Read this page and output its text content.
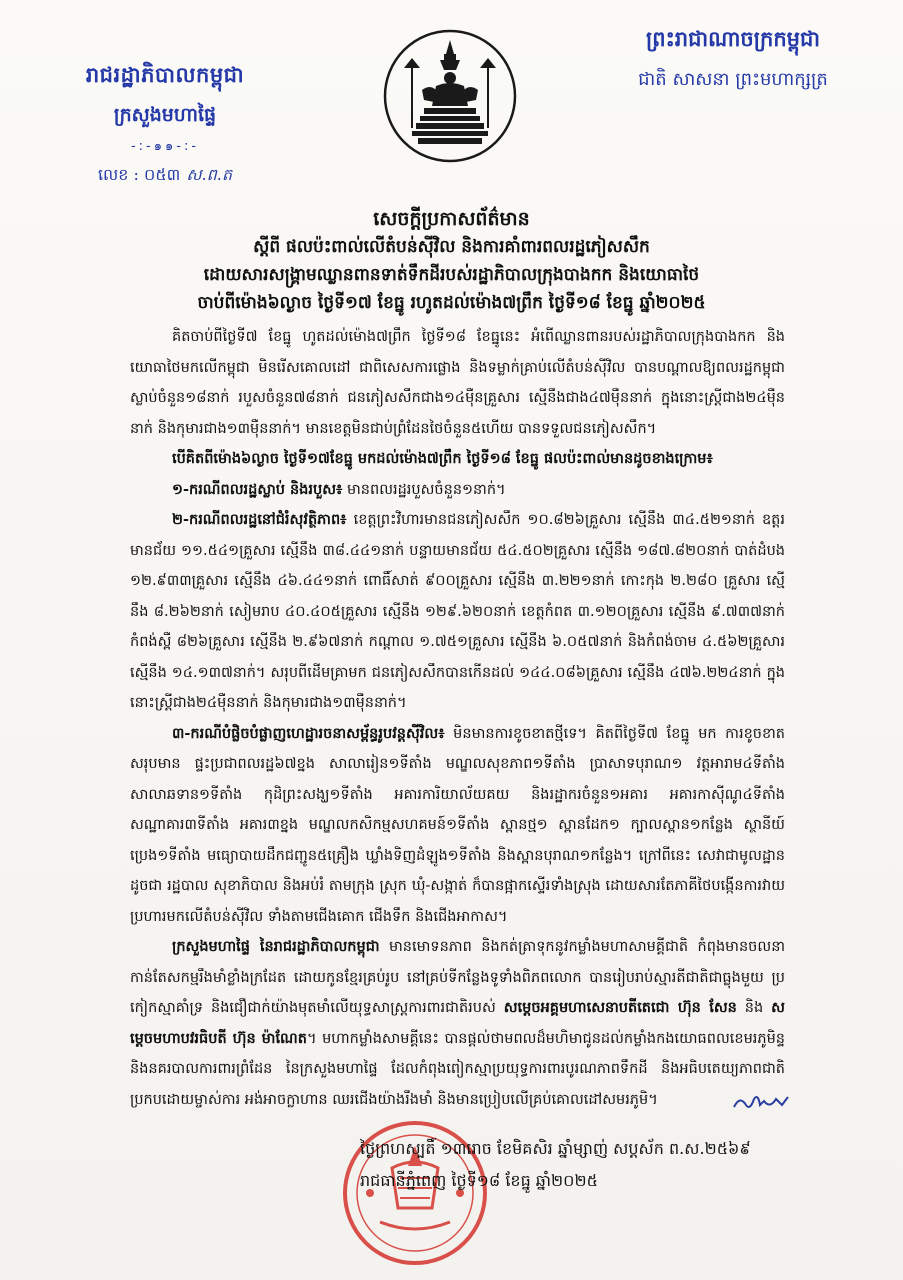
រាជរដ្ឋាភិបាលកម្ពុជា
ក្រសួងមហាផ្ទៃ
-:-๑๑-:-
លេខ : ០៥៣ ស.ព.ត
ព្រះរាជាណាចក្រកម្ពុជា
ជាតិ សាសនា ព្រះមហាក្សត្រ
សេចក្តីប្រកាសព័ត៌មាន
ស្តីពី ផលប៉ះពាល់លើតំបន់ស៊ីវិល និងការគាំពារពលរដ្ឋភៀសសឹក
ដោយសារសង្គ្រាមឈ្លានពានទាត់ទឹកដីរបស់រដ្ឋាភិបាលក្រុងបាងកក និងយោធាថៃ
ចាប់ពីម៉ោង៦ល្ងាច ថ្ងៃទី១៧ ខែធ្នូ រហូតដល់ម៉ោង៧ព្រឹក ថ្ងៃទី១៨ ខែធ្នូ ឆ្នាំ២០២៥

គិតចាប់ពីថ្ងៃទី៧ ខែធ្នូ ហូតដល់ម៉ោង៧ព្រឹក ថ្ងៃទី១៨ ខែធ្នូនេះ អំពើឈ្លានពានរបស់រដ្ឋាភិបាលក្រុងបាងកក និងយោធាថៃមកលើកម្ពុជា មិនរើសគោលដៅ ជាពិសេសការផ្លោង និងទម្លាក់គ្រាប់លើតំបន់ស៊ីវិល បានបណ្តាលឱ្យពលរដ្ឋកម្ពុជាស្លាប់ចំនួន១៨នាក់ របួសចំនួន៧៨នាក់ ជនភៀសសឹកជាង១៤ម៉ឺនគ្រួសារ ស្មើនឹងជាង៤៧ម៉ឺននាក់ ក្នុងនោះស្ត្រីជាង២៤ម៉ឺននាក់ និងកុមារជាង១៣ម៉ឺននាក់។ មានខេត្តមិនជាប់ព្រំដែនថៃចំនួន៥ហើយ បានទទួលជនភៀសសឹក។

បើគិតពីម៉ោង៦ល្ងាច ថ្ងៃទី១៧ខែធ្នូ មកដល់ម៉ោង៧ព្រឹក ថ្ងៃទី១៨ ខែធ្នូ ផលប៉ះពាល់មានដូចខាងក្រោម៖

១-ករណីពលរដ្ឋស្លាប់ និងរបួស៖ មានពលរដ្ឋរបួសចំនួន១នាក់។

២-ករណីពលរដ្ឋនៅជំរំសុវត្ថិភាព៖ ខេត្តព្រះវិហារមានជនភៀសសឹក ១០.៨២៦គ្រួសារ ស្មើនឹង ៣៤.៥២១នាក់ ឧត្តរមានជ័យ ១១.៥៤១គ្រួសារ ស្មើនឹង ៣៨.៤៤១នាក់ បន្ទាយមានជ័យ ៥៤.៥០២គ្រួសារ ស្មើនឹង ១៨៧.៨២០នាក់ បាត់ដំបង ១២.៩៣៣គ្រួសារ ស្មើនឹង ៤៦.៤៤១នាក់ ពោធិ៍សាត់ ៩០០គ្រួសារ ស្មើនឹង ៣.២២១នាក់ កោះកុង ២.២៨០ គ្រួសារ ស្មើនឹង ៨.២៦២នាក់ សៀមរាប ៤០.៤០៥គ្រួសារ ស្មើនឹង ១២៩.៦២០នាក់ ខេត្តកំពត ៣.១២០គ្រួសារ ស្មើនឹង ៩.៧៣៧នាក់ កំពង់ស្ពឺ ៨២៦គ្រួសារ ស្មើនឹង ២.៩៦៧នាក់ កណ្តាល ១.៧៥១គ្រួសារ ស្មើនឹង ៦.០៥៧នាក់ និងកំពង់ចាម ៤.៥៦២គ្រួសារ ស្មើនឹង ១៤.១៣៧នាក់។ សរុបពីដើមគ្រាមក ជនភៀសសឹកបានកើនដល់ ១៤៤.០៨៦គ្រួសារ ស្មើនឹង ៤៧៦.២២៤នាក់ ក្នុងនោះស្ត្រីជាង២៤ម៉ឺននាក់ និងកុមារជាង១៣ម៉ឺននាក់។

៣-ករណីបំផ្លិចបំផ្លាញហេដ្ឋារចនាសម្ព័ន្ធរូបវន្តស៊ីវិល៖ មិនមានការខូចខាតថ្មីទេ។ គិតពីថ្ងៃទី៧ ខែធ្នូ មក ការខូចខាតសរុបមាន ផ្ទះប្រជាពលរដ្ឋ៦៧ខ្នង សាលារៀន១ទីតាំង មណ្ឌលសុខភាព១ទីតាំង ប្រាសាទបុរាណ១ វត្តអារាម៤ទីតាំង សាលាឆទាន១ទីតាំង កុដិព្រះសង្ឃ១ទីតាំង អគារការិយាល័យគយ និងរដ្ឋាករចំនួន១អគារ អគារកាស៊ីណូ៤ទីតាំង សណ្ឋាគារ៣ទីតាំង អគារ៣ខ្នង មណ្ឌលកសិកម្មសហគមន៍១ទីតាំង ស្ពានថ្ម១ ស្ពានដែក១ ក្បាលស្ពាន១កន្លែង ស្ថានីយ៍ប្រេង១ទីតាំង មធ្យោបាយដឹកជញ្ជូន៥គ្រឿង ឃ្លាំងទិញដំឡូង១ទីតាំង និងស្ពានបុរាណ១កន្លែង។ ក្រៅពីនេះ សេវាជាមូលដ្ឋាន ដូចជា រដ្ឋបាល សុខាភិបាល និងអប់រំ តាមក្រុង ស្រុក ឃុំ-សង្កាត់ ក៏បានផ្អាកស្ទើរទាំងស្រុង ដោយសារតែភាគីថៃបង្កើនការវាយប្រហារមកលើតំបន់ស៊ីវិល ទាំងតាមជើងគោក ជើងទឹក និងជើងអាកាស។

ក្រសួងមហាផ្ទៃ នៃរាជរដ្ឋាភិបាលកម្ពុជា មានមោទនភាព និងកត់ត្រាទុកនូវកម្លាំងមហាសាមគ្គីជាតិ កំពុងមានចលនាកាន់តែសកម្មរឹងមាំខ្លាំងក្រដែត ដោយកូនខ្មែរគ្រប់រូប នៅគ្រប់ទីកន្លែងទូទាំងពិភពលោក បានរៀបរាប់ស្មារតីជាតិជាធ្លុងមួយ ប្រកៀកស្មាគាំទ្រ និងជឿជាក់យ៉ាងមុតមាំលើយុទ្ធសាស្រ្តការពារជាតិរបស់ សម្តេចអគ្គមហាសេនាបតីតេជោ ហ៊ុន សែន និង សម្តេចមហាបវរធិបតី ហ៊ុន ម៉ាណែត។ មហាកម្លាំងសាមគ្គីនេះ បានផ្តល់ថាមពលដ៏មហិមាជូនដល់កម្លាំងកងយោធពលខេមរភូមិន្ទ និងនគរបាលការពារព្រំដែន នៃក្រសួងមហាផ្ទៃ ដែលកំពុងពៀកស្មាប្រយុទ្ធការពារបូរណភាពទឹកដី និងអធិបតេយ្យភាពជាតិ ប្រកបដោយម្ចាស់ការ អង់អាចក្លាហាន ឈរជើងយ៉ាងរឹងមាំ និងមានប្រៀបលើគ្រប់គោលដៅសមរភូមិ។

ថ្ងៃព្រហស្បតិ៍ ១៣រោច ខែមិគសិរ ឆ្នាំម្សាញ់ សប្តស័ក ព.ស.២៥៦៩
រាជធានីភ្នំពេញ ថ្ងៃទី១៨ ខែធ្នូ ឆ្នាំ២០២៥
